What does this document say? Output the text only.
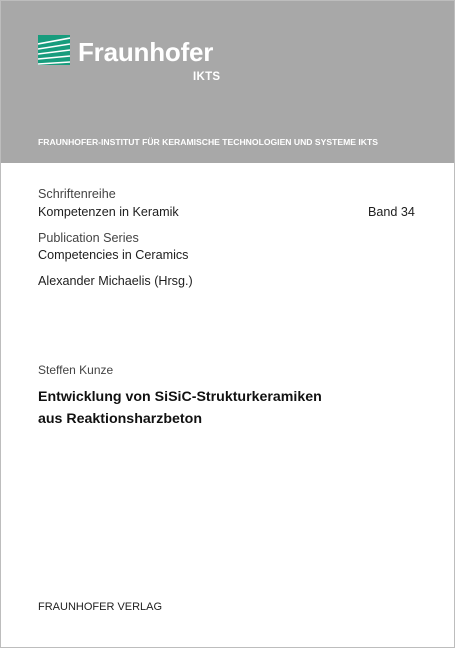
Fraunhofer
IKTS
FRAUNHOFER-INSTITUT FÜR KERAMISCHE TECHNOLOGIEN UND SYSTEME IKTS
Schriftenreihe
Kompetenzen in Keramik	Band 34
Publication Series
Competencies in Ceramics
Alexander Michaelis (Hrsg.)
Steffen Kunze
Entwicklung von SiSiC-Strukturkeramiken
aus Reaktionsharzbeton
FRAUNHOFER VERLAG
